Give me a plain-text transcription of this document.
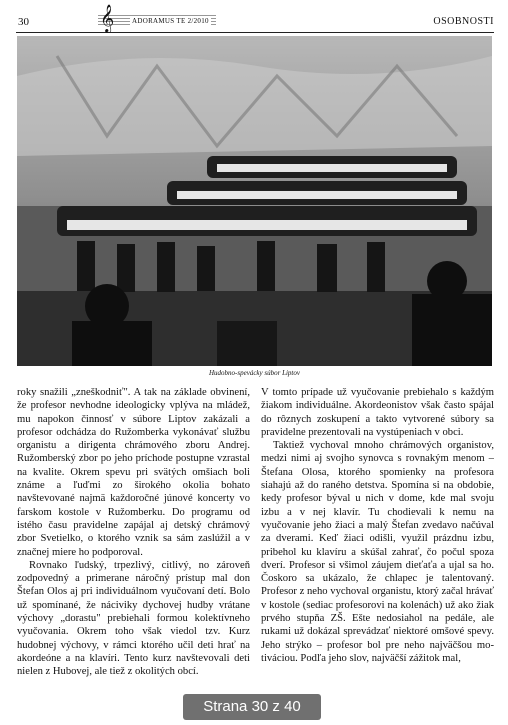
30	𝄞	ADORAMUS TE 2/2010	OSOBNOSTI
Hudobno-spevácky súbor Liptov

roky snažili „zneškodniť". A tak na základe obvinení, že profesor nevhodne ideologicky vplýva na mládež, mu napokon činnosť v súbore Liptov zakázali a profesor odchádza do Ružomberka vykonávať službu organistu a dirigenta chrámového zboru Andrej. Ružomberský zbor po jeho príchode postupne vzrastal na kvalite. Okrem spevu pri svätých omšiach boli známe a ľuďmi zo širokého okolia bohato navštevované najmä každoročné júnové koncerty vo farskom kostole v Ružomberku. Do programu od istého času pravidelne zapájal aj detský chrámový zbor Svetielko, o ktorého vznik sa sám zaslúžil a v značnej miere ho podporoval.

Rovnako ľudský, trpezlivý, citlivý, no zároveň zodpovedný a primerane náročný prístup mal don Štefan Olos aj pri individuálnom vyučovaní detí. Bolo už spomínané, že náciviky dychovej hudby vrátane výchovy „dorastu" prebiehali formou kolektívneho vyučovania. Okrem toho však viedol tzv. Kurz hudobnej výchovy, v rámci ktorého učil deti hrať na akordeóne a na klavíri. Tento kurz navštevovali deti nielen z Hubovej, ale tiež z okolitých obcí.

V tomto prípade už vyučovanie prebiehalo s každým žiakom individuálne. Akordeonistov však často spájal do rôznych zoskupení a takto vytvorené súbory sa pravidelne prezentovali na vystúpeniach v obci.

Taktiež vychoval mnoho chrámových organistov, medzi nimi aj svojho synovca s rovnakým menom – Štefana Olosa, ktorého spomienky na profesora siahajú až do raného detstva. Spomína si na obdobie, kedy profesor býval u nich v dome, kde mal svoju izbu a v nej klavír. Tu chodievali k nemu na vyučovanie jeho žiaci a malý Štefan zvedavo načúval za dverami. Keď žiaci odišli, využil prázdnu izbu, pribehol ku klavíru a skúšal zahrať, čo počul spoza dverí. Profesor si všimol záujem dieťaťa a ujal sa ho. Čoskoro sa ukázalo, že chlapec je talentovaný. Profesor z neho vychoval organistu, ktorý začal hrávať v kostole (sediac profesorovi na kolenách) už ako žiak prvého stupňa ZŠ. Ešte nedosiahol na pedále, ale rukami už dokázal sprevádzať niektoré omšové spevy. Jeho strýko – profesor bol pre neho najväčšou motiváciou. Podľa jeho slov, najväčší zážitok mal,

Strana 30 z 40
